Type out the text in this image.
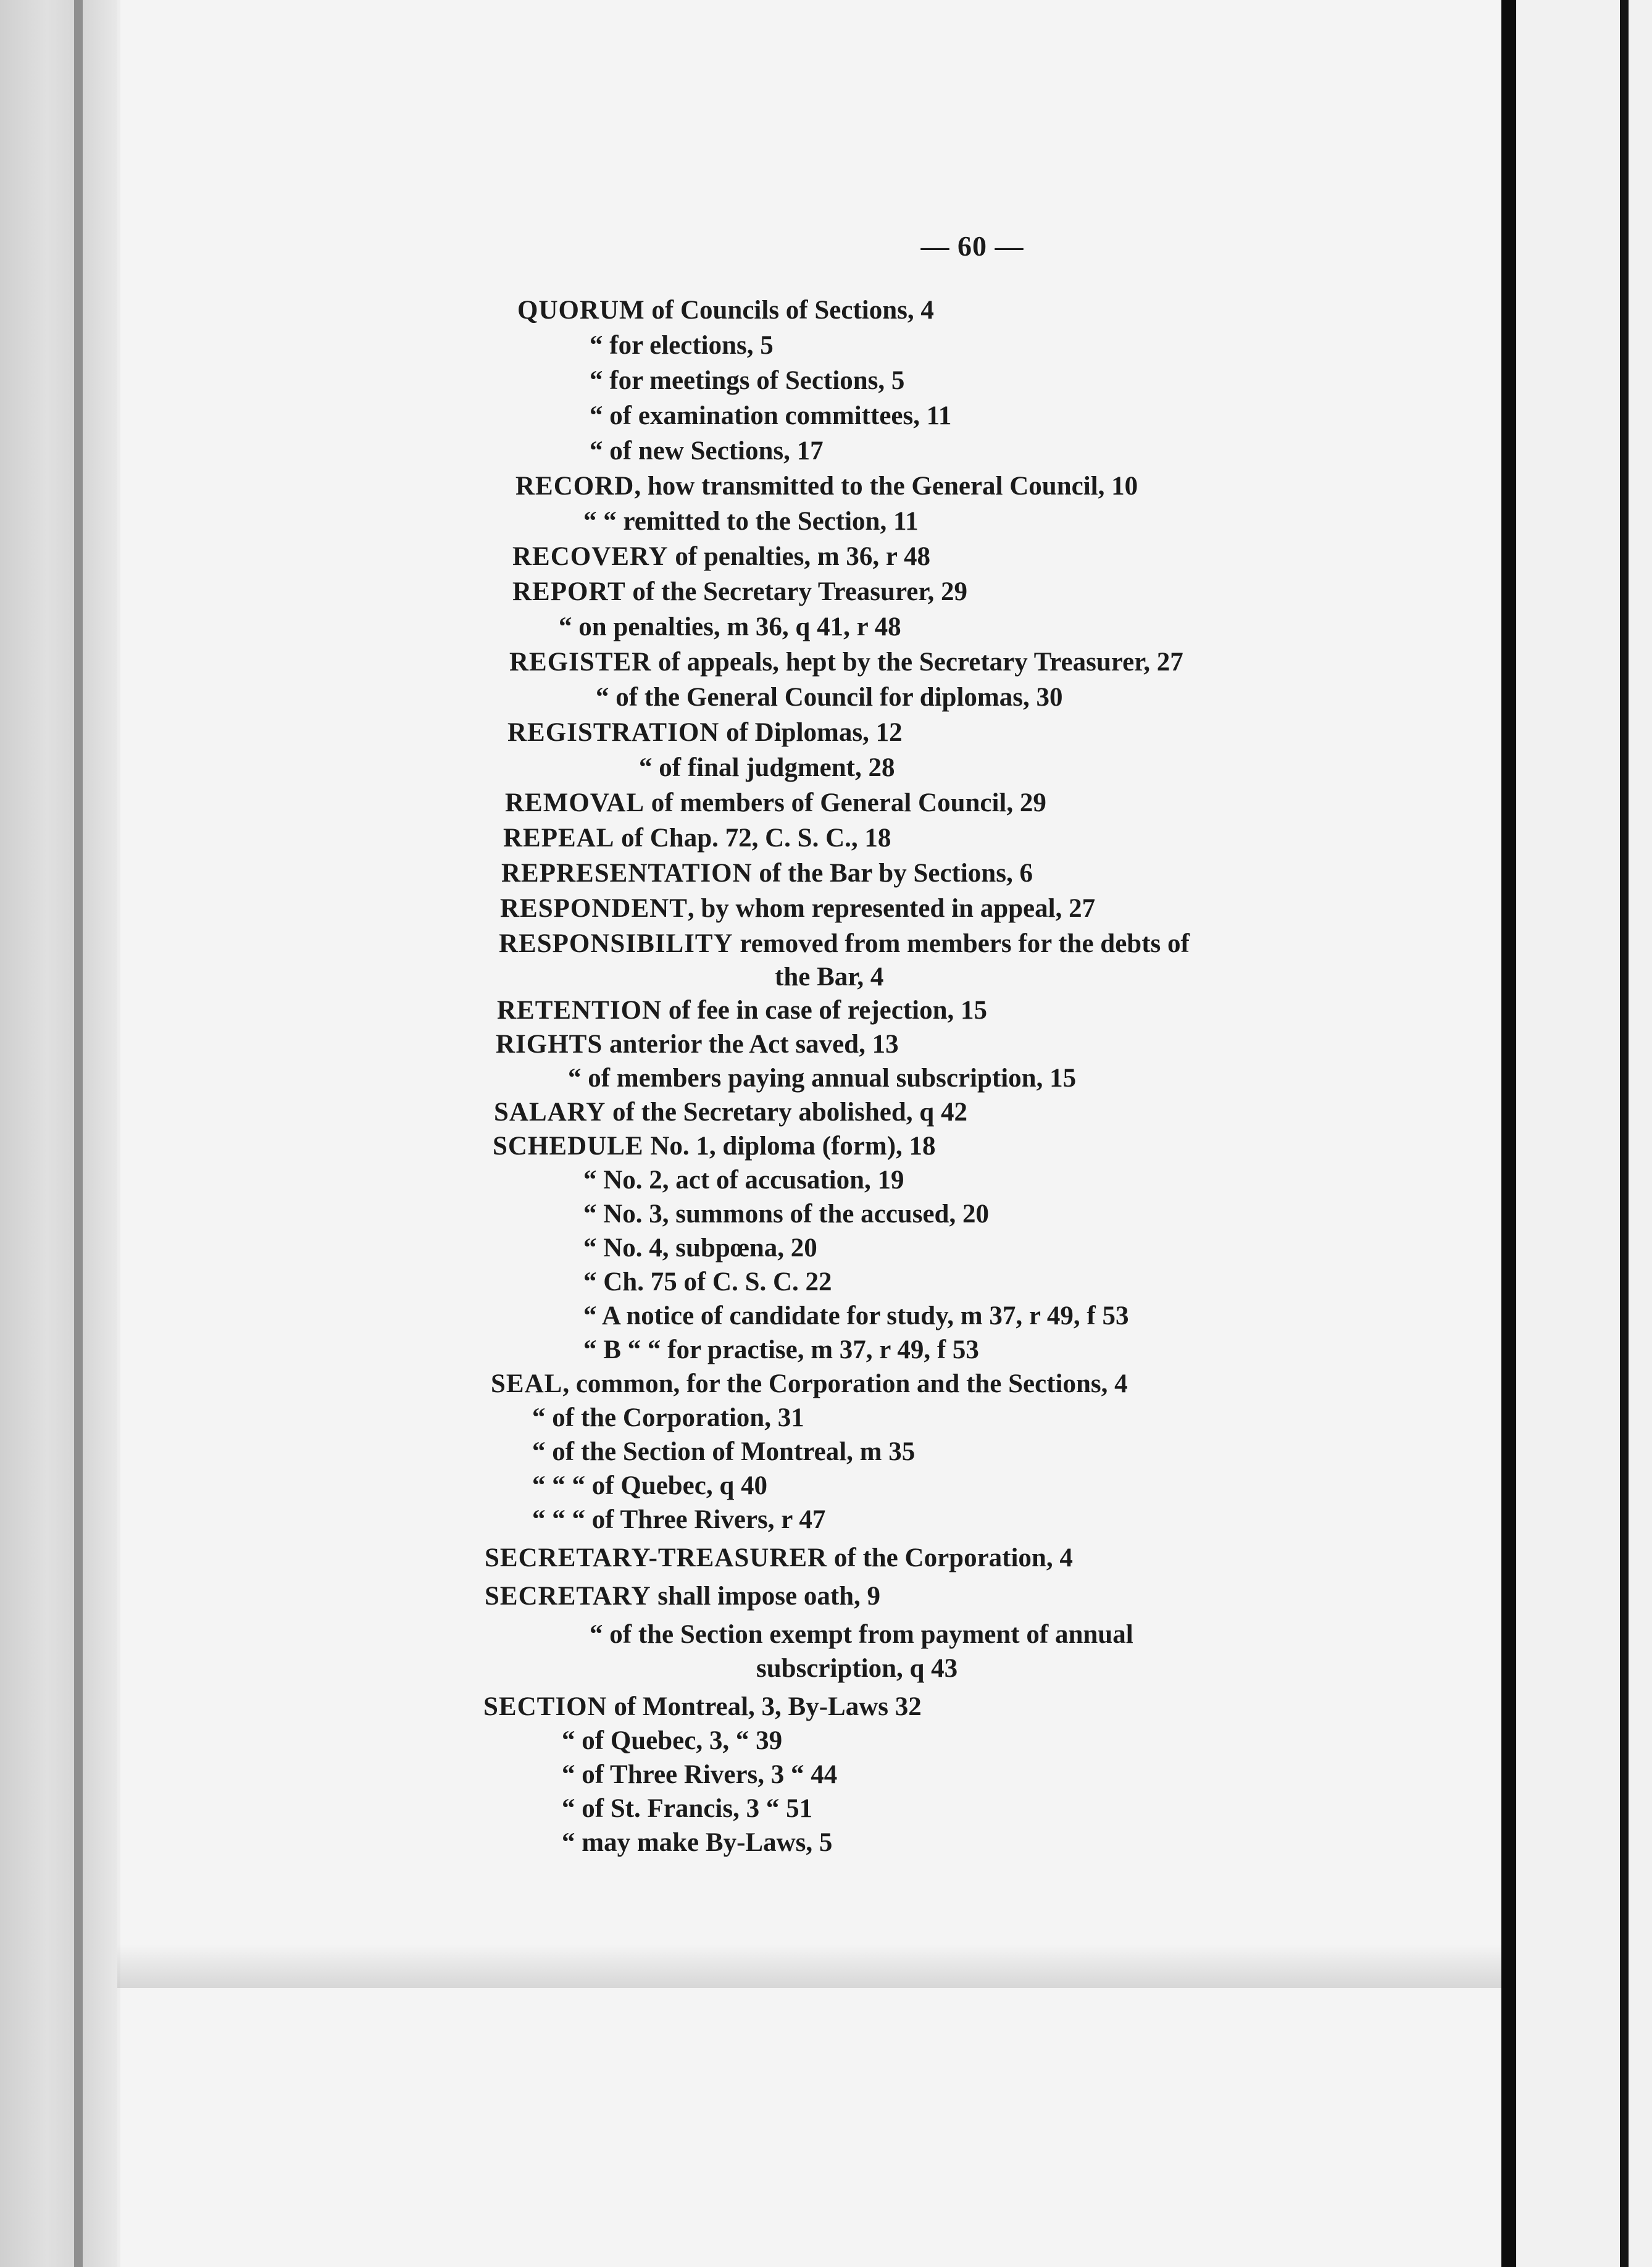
— 60 —
QUORUM of Councils of Sections, 4
“ for elections, 5
“ for meetings of Sections, 5
“ of examination committees, 11
“ of new Sections, 17
RECORD, how transmitted to the General Council, 10
“ “ remitted to the Section, 11
RECOVERY of penalties, m 36, r 48
REPORT of the Secretary Treasurer, 29
“ on penalties, m 36, q 41, r 48
REGISTER of appeals, hept by the Secretary Treasurer, 27
“ of the General Council for diplomas, 30
REGISTRATION of Diplomas, 12
“ of final judgment, 28
REMOVAL of members of General Council, 29
REPEAL of Chap. 72, C. S. C., 18
REPRESENTATION of the Bar by Sections, 6
RESPONDENT, by whom represented in appeal, 27
RESPONSIBILITY removed from members for the debts of
the Bar, 4
RETENTION of fee in case of rejection, 15
RIGHTS anterior the Act saved, 13
“ of members paying annual subscription, 15
SALARY of the Secretary abolished, q 42
SCHEDULE No. 1, diploma (form), 18
“ No. 2, act of accusation, 19
“ No. 3, summons of the accused, 20
“ No. 4, subpœna, 20
“ Ch. 75 of C. S. C. 22
“ A notice of candidate for study, m 37, r 49, f 53
“ B “ “ for practise, m 37, r 49, f 53
SEAL, common, for the Corporation and the Sections, 4
“ of the Corporation, 31
“ of the Section of Montreal, m 35
“ “ “ of Quebec, q 40
“ “ “ of Three Rivers, r 47
SECRETARY-TREASURER of the Corporation, 4
SECRETARY shall impose oath, 9
“ of the Section exempt from payment of annual
subscription, q 43
SECTION of Montreal, 3, By-Laws 32
“ of Quebec, 3, “ 39
“ of Three Rivers, 3 “ 44
“ of St. Francis, 3 “ 51
“ may make By-Laws, 5
